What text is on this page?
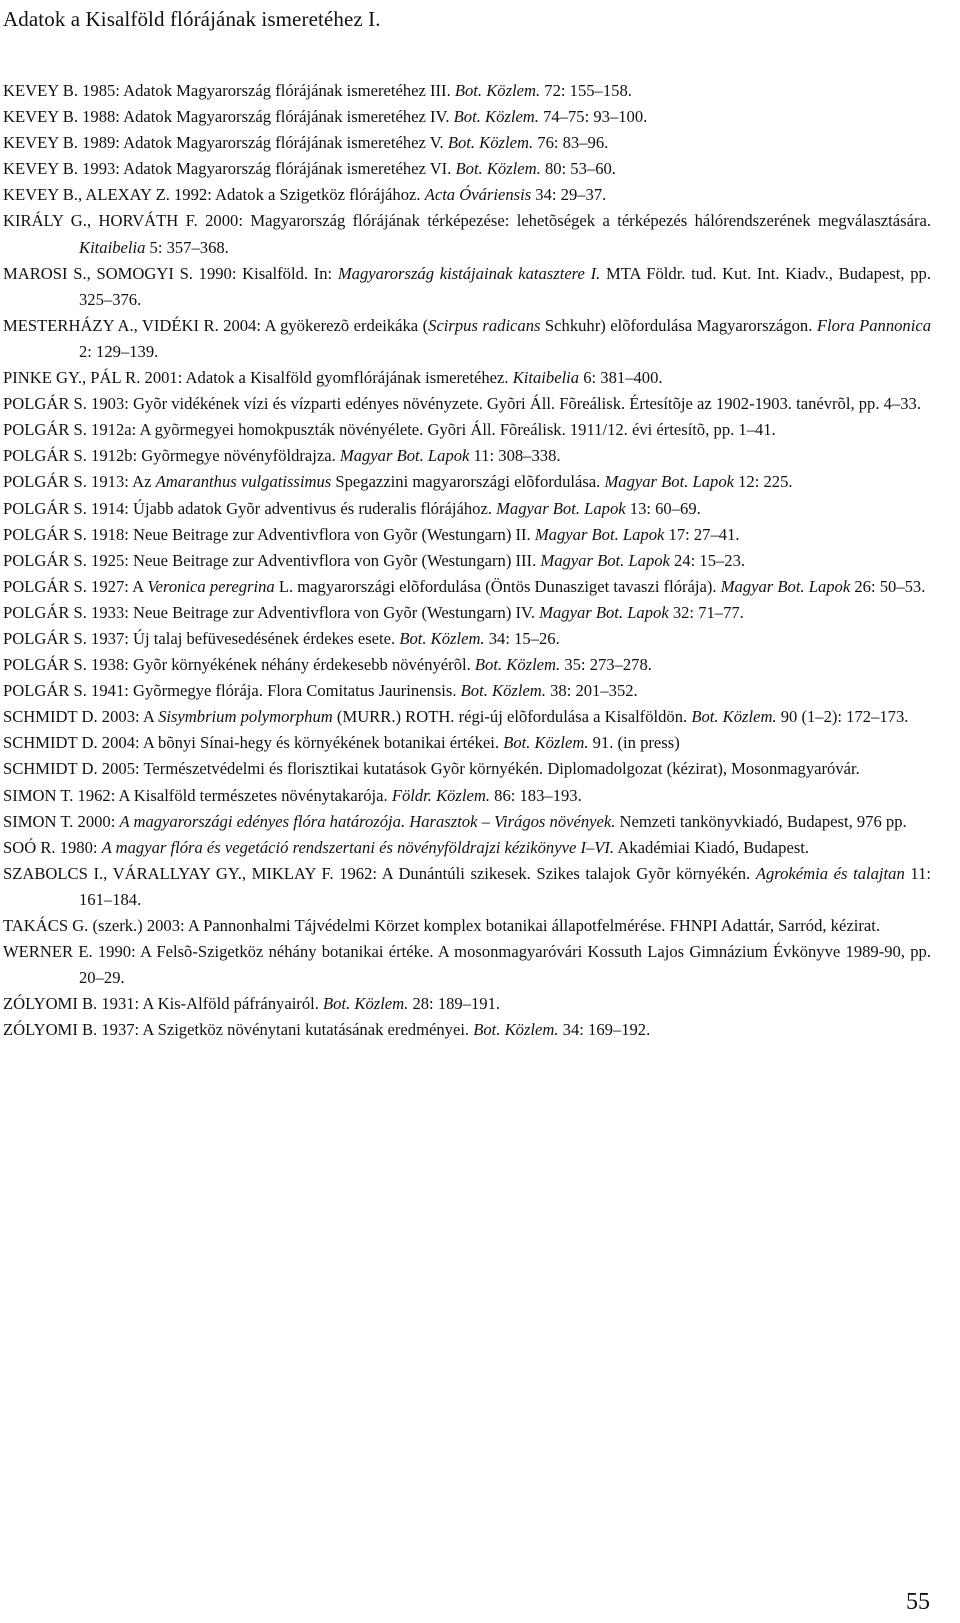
Adatok a Kisalföld flórájának ismeretéhez I.
KEVEY B. 1985: Adatok Magyarország flórájának ismeretéhez III. Bot. Közlem. 72: 155–158.
KEVEY B. 1988: Adatok Magyarország flórájának ismeretéhez IV. Bot. Közlem. 74–75: 93–100.
KEVEY B. 1989: Adatok Magyarország flórájának ismeretéhez V. Bot. Közlem. 76: 83–96.
KEVEY B. 1993: Adatok Magyarország flórájának ismeretéhez VI. Bot. Közlem. 80: 53–60.
KEVEY B., ALEXAY Z. 1992: Adatok a Szigetköz flórájához. Acta Óváriensis 34: 29–37.
KIRÁLY G., HORVÁTH F. 2000: Magyarország flórájának térképezése: lehetõségek a térképezés hálórendszerének megválasztására. Kitaibelia 5: 357–368.
MAROSI S., SOMOGYI S. 1990: Kisalföld. In: Magyarország kistájainak katasztere I. MTA Földr. tud. Kut. Int. Kiadv., Budapest, pp. 325–376.
MESTERHÁZY A., VIDÉKI R. 2004: A gyökerezõ erdeikáka (Scirpus radicans Schkuhr) elõfordulása Magyarországon. Flora Pannonica 2: 129–139.
PINKE GY., PÁL R. 2001: Adatok a Kisalföld gyomflórájának ismeretéhez. Kitaibelia 6: 381–400.
POLGÁR S. 1903: Gyõr vidékének vízi és vízparti edényes növényzete. Gyõri Áll. Fõreálisk. Értesítõje az 1902-1903. tanévrõl, pp. 4–33.
POLGÁR S. 1912a: A gyõrmegyei homokpuszták növényélete. Gyõri Áll. Fõreálisk. 1911/12. évi értesítõ, pp. 1–41.
POLGÁR S. 1912b: Gyõrmegye növényföldrajza. Magyar Bot. Lapok 11: 308–338.
POLGÁR S. 1913: Az Amaranthus vulgatissimus Spegazzini magyarországi elõfordulása. Magyar Bot. Lapok 12: 225.
POLGÁR S. 1914: Újabb adatok Gyõr adventivus és ruderalis flórájához. Magyar Bot. Lapok 13: 60–69.
POLGÁR S. 1918: Neue Beitrage zur Adventivflora von Gyõr (Westungarn) II. Magyar Bot. Lapok 17: 27–41.
POLGÁR S. 1925: Neue Beitrage zur Adventivflora von Gyõr (Westungarn) III. Magyar Bot. Lapok 24: 15–23.
POLGÁR S. 1927: A Veronica peregrina L. magyarországi elõfordulása (Öntös Dunasziget tavaszi flórája). Magyar Bot. Lapok 26: 50–53.
POLGÁR S. 1933: Neue Beitrage zur Adventivflora von Gyõr (Westungarn) IV. Magyar Bot. Lapok 32: 71–77.
POLGÁR S. 1937: Új talaj befüvesedésének érdekes esete. Bot. Közlem. 34: 15–26.
POLGÁR S. 1938: Gyõr környékének néhány érdekesebb növényérõl. Bot. Közlem. 35: 273–278.
POLGÁR S. 1941: Gyõrmegye flórája. Flora Comitatus Jaurinensis. Bot. Közlem. 38: 201–352.
SCHMIDT D. 2003: A Sisymbrium polymorphum (MURR.) ROTH. régi-új elõfordulása a Kisalföldön. Bot. Közlem. 90 (1–2): 172–173.
SCHMIDT D. 2004: A bõnyi Sínai-hegy és környékének botanikai értékei. Bot. Közlem. 91. (in press)
SCHMIDT D. 2005: Természetvédelmi és florisztikai kutatások Gyõr környékén. Diplomadolgozat (kézirat), Mosonmagyaróvár.
SIMON T. 1962: A Kisalföld természetes növénytakarója. Földr. Közlem. 86: 183–193.
SIMON T. 2000: A magyarországi edényes flóra határozója. Harasztok – Virágos növények. Nemzeti tankönyvkiadó, Budapest, 976 pp.
SOÓ R. 1980: A magyar flóra és vegetáció rendszertani és növényföldrajzi kézikönyve I–VI. Akadémiai Kiadó, Budapest.
SZABOLCS I., VÁRALLYAY GY., MIKLAY F. 1962: A Dunántúli szikesek. Szikes talajok Gyõr környékén. Agrokémia és talajtan 11: 161–184.
TAKÁCS G. (szerk.) 2003: A Pannonhalmi Tájvédelmi Körzet komplex botanikai állapotfelmérése. FHNPI Adattár, Sarród, kézirat.
WERNER E. 1990: A Felsõ-Szigetköz néhány botanikai értéke. A mosonmagyaróvári Kossuth Lajos Gimnázium Évkönyve 1989-90, pp. 20–29.
ZÓLYOMI B. 1931: A Kis-Alföld páfrányairól. Bot. Közlem. 28: 189–191.
ZÓLYOMI B. 1937: A Szigetköz növénytani kutatásának eredményei. Bot. Közlem. 34: 169–192.
55
